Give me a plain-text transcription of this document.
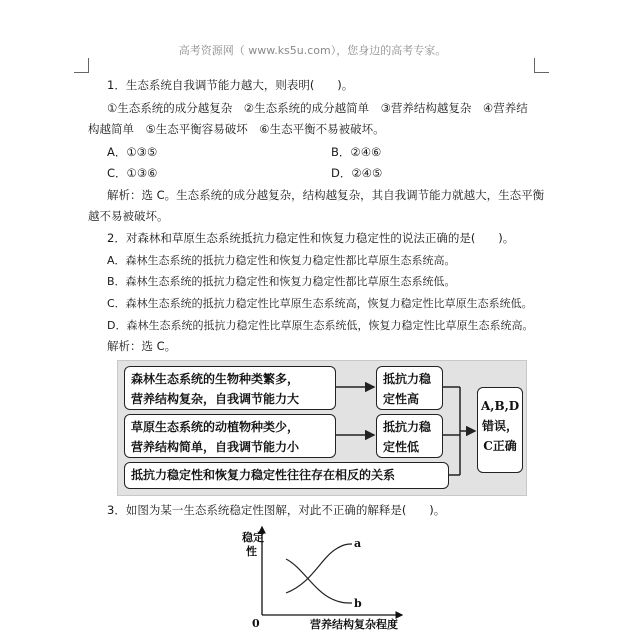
高考资源网（ www.ks5u.com），您身边的高考专家。
1．生态系统自我调节能力越大，则表明(　　)。
①生态系统的成分越复杂　②生态系统的成分越简单　③营养结构越复杂　④营养结
构越简单　⑤生态平衡容易破坏　⑥生态平衡不易被破坏。
A．①③⑤	B．②④⑥
C．①③⑥	D．②④⑤
解析：选 C。生态系统的成分越复杂，结构越复杂，其自我调节能力就越大，生态平衡
越不易被破坏。
2．对森林和草原生态系统抵抗力稳定性和恢复力稳定性的说法正确的是(　　)。
A．森林生态系统的抵抗力稳定性和恢复力稳定性都比草原生态系统高。
B．森林生态系统的抵抗力稳定性和恢复力稳定性都比草原生态系统低。
C．森林生态系统的抵抗力稳定性比草原生态系统高，恢复力稳定性比草原生态系统低。
D．森林生态系统的抵抗力稳定性比草原生态系统低，恢复力稳定性比草原生态系统高。
解析：选 C。
森林生态系统的生物种类繁多，
营养结构复杂，自我调节能力大
抵抗力稳
定性高
草原生态系统的动植物种类少，
营养结构简单，自我调节能力小
抵抗力稳
定性低
抵抗力稳定性和恢复力稳定性往往存在相反的关系
A,B,D
错误，
C正确
3．如图为某一生态系统稳定性图解，对此不正确的解释是(　　)。
稳定
性
a
b
0	营养结构复杂程度
